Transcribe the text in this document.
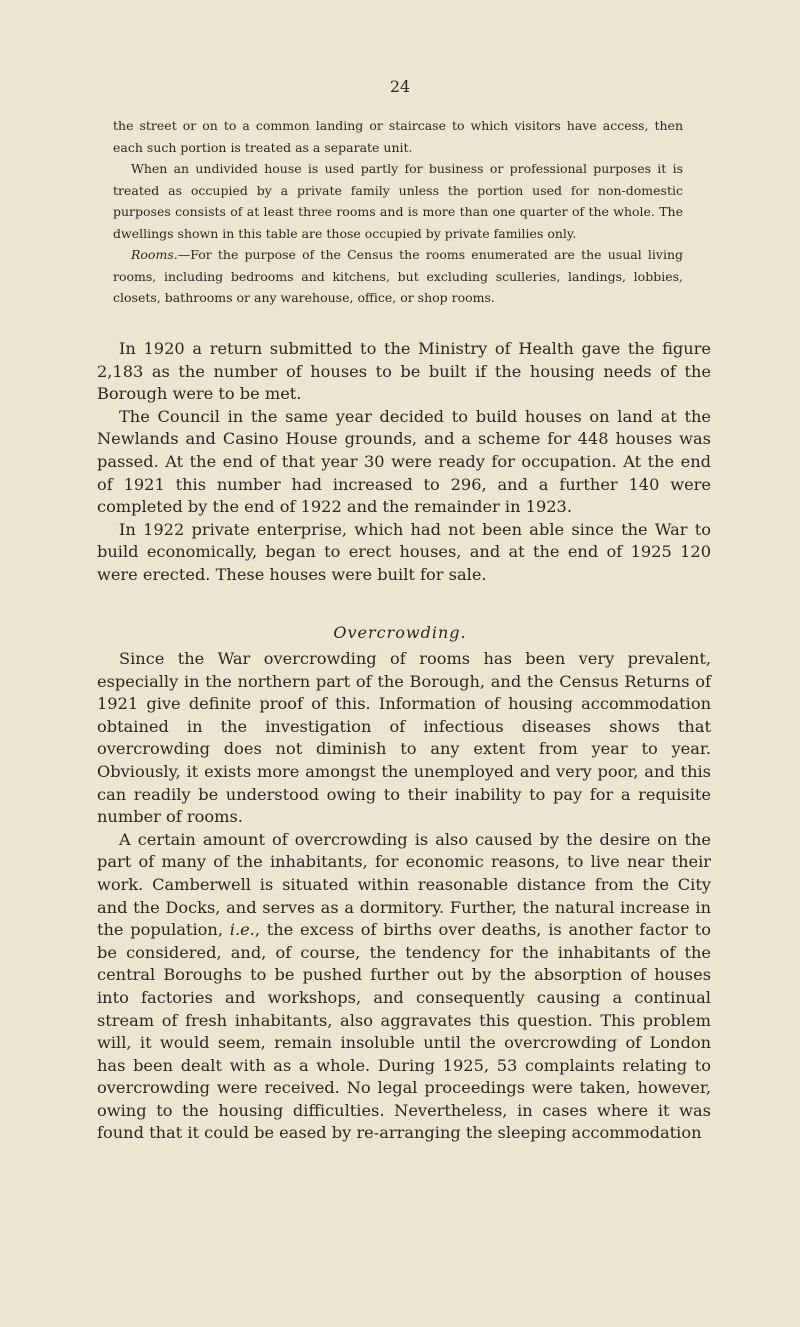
24

the street or on to a common landing or staircase to which visitors have access, then each such portion is treated as a separate unit.

When an undivided house is used partly for business or professional purposes it is treated as occupied by a private family unless the portion used for non-domestic purposes consists of at least three rooms and is more than one quarter of the whole. The dwellings shown in this table are those occupied by private families only.

Rooms.—For the purpose of the Census the rooms enumerated are the usual living rooms, including bedrooms and kitchens, but excluding sculleries, landings, lobbies, closets, bathrooms or any warehouse, office, or shop rooms.

In 1920 a return submitted to the Ministry of Health gave the figure 2,183 as the number of houses to be built if the housing needs of the Borough were to be met.

The Council in the same year decided to build houses on land at the Newlands and Casino House grounds, and a scheme for 448 houses was passed. At the end of that year 30 were ready for occupation. At the end of 1921 this number had increased to 296, and a further 140 were completed by the end of 1922 and the remainder in 1923.

In 1922 private enterprise, which had not been able since the War to build economically, began to erect houses, and at the end of 1925 120 were erected. These houses were built for sale.

Overcrowding.

Since the War overcrowding of rooms has been very prevalent, especially in the northern part of the Borough, and the Census Returns of 1921 give definite proof of this. Information of housing accommodation obtained in the investigation of infectious diseases shows that overcrowding does not diminish to any extent from year to year. Obviously, it exists more amongst the unemployed and very poor, and this can readily be understood owing to their inability to pay for a requisite number of rooms.

A certain amount of overcrowding is also caused by the desire on the part of many of the inhabitants, for economic reasons, to live near their work. Camberwell is situated within reasonable distance from the City and the Docks, and serves as a dormitory. Further, the natural increase in the population, i.e., the excess of births over deaths, is another factor to be considered, and, of course, the tendency for the inhabitants of the central Boroughs to be pushed further out by the absorption of houses into factories and workshops, and consequently causing a continual stream of fresh inhabitants, also aggravates this question. This problem will, it would seem, remain insoluble until the overcrowding of London has been dealt with as a whole. During 1925, 53 complaints relating to overcrowding were received. No legal proceedings were taken, however, owing to the housing difficulties. Nevertheless, in cases where it was found that it could be eased by re-arranging the sleeping accommodation
